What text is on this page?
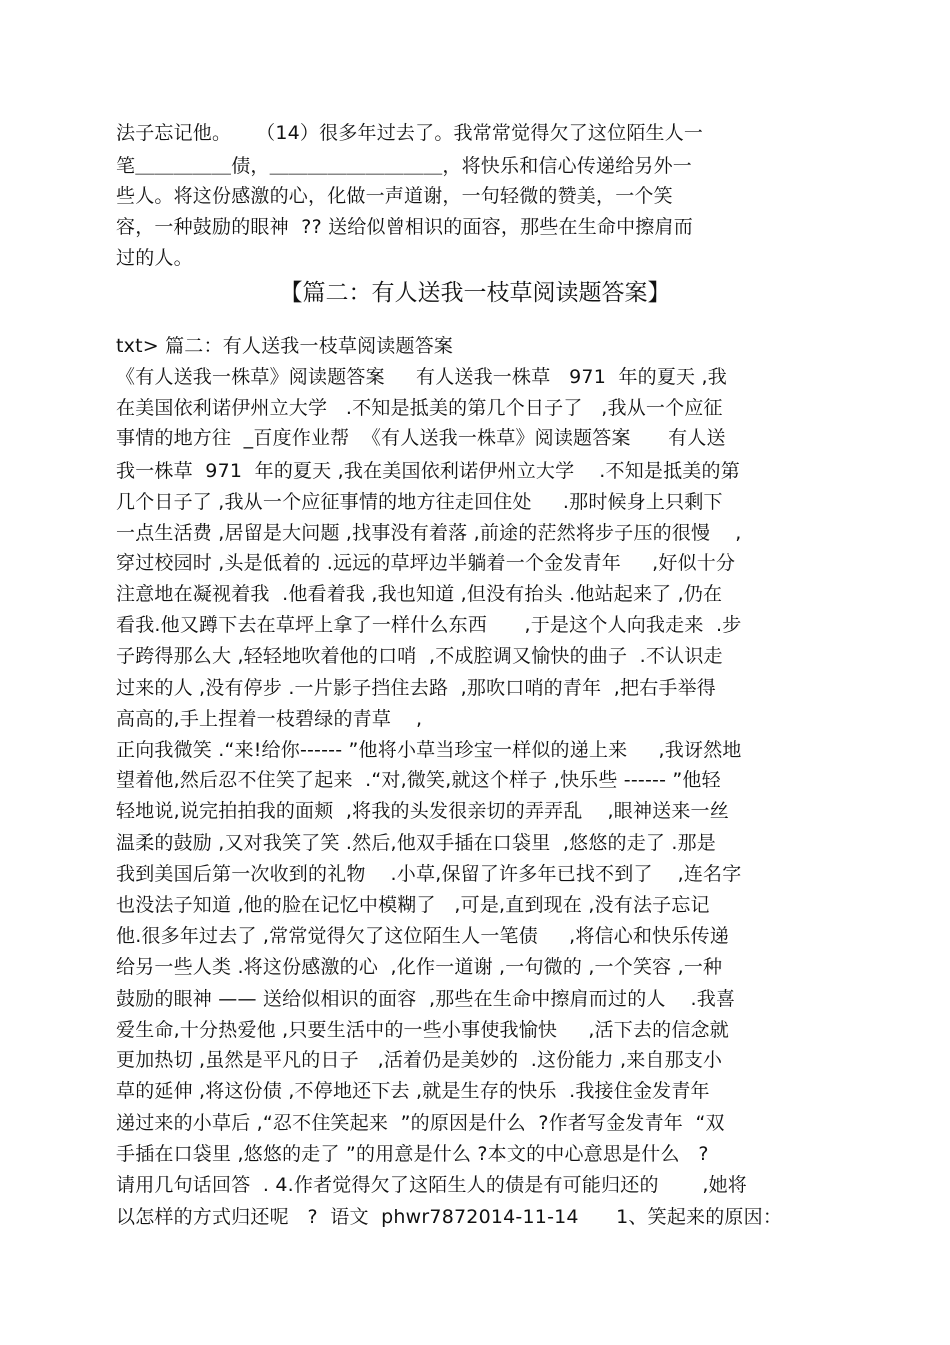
法子忘记他。    （14）很多年过去了。我常常觉得欠了这位陌生人一
笔＿＿＿＿＿债，＿＿＿＿＿＿＿＿＿，将快乐和信心传递给另外一
些人。将这份感激的心，化做一声道谢，一句轻微的赞美，一个笑
容，一种鼓励的眼神  ?? 送给似曾相识的面容，那些在生命中擦肩而
过的人。
【篇二：有人送我一枝草阅读题答案】
txt> 篇二：有人送我一枝草阅读题答案
《有人送我一株草》阅读题答案     有人送我一株草   971  年的夏天 ,我
在美国依利诺伊州立大学   .不知是抵美的第几个日子了   ,我从一个应征
事情的地方往  _百度作业帮  《有人送我一株草》阅读题答案      有人送
我一株草  971  年的夏天 ,我在美国依利诺伊州立大学    .不知是抵美的第
几个日子了 ,我从一个应征事情的地方往走回住处     .那时候身上只剩下
一点生活费 ,居留是大问题 ,找事没有着落 ,前途的茫然将步子压的很慢    ,
穿过校园时 ,头是低着的 .远远的草坪边半躺着一个金发青年     ,好似十分
注意地在凝视着我  .他看着我 ,我也知道 ,但没有抬头 .他站起来了 ,仍在
看我.他又蹲下去在草坪上拿了一样什么东西      ,于是这个人向我走来  .步
子跨得那么大 ,轻轻地吹着他的口哨  ,不成腔调又愉快的曲子  .不认识走
过来的人 ,没有停步 .一片影子挡住去路  ,那吹口哨的青年  ,把右手举得
高高的,手上捏着一枝碧绿的青草    ,
正向我微笑 .“来!给你------ ”他将小草当珍宝一样似的递上来     ,我讶然地
望着他,然后忍不住笑了起来  .“对,微笑,就这个样子 ,快乐些 ------ ”他轻
轻地说,说完拍拍我的面颊  ,将我的头发很亲切的弄弄乱    ,眼神送来一丝
温柔的鼓励 ,又对我笑了笑 .然后,他双手插在口袋里  ,悠悠的走了 .那是
我到美国后第一次收到的礼物    .小草,保留了许多年已找不到了    ,连名字
也没法子知道 ,他的脸在记忆中模糊了   ,可是,直到现在 ,没有法子忘记
他.很多年过去了 ,常常觉得欠了这位陌生人一笔债     ,将信心和快乐传递
给另一些人类 .将这份感激的心  ,化作一道谢 ,一句微的 ,一个笑容 ,一种
鼓励的眼神 —— 送给似相识的面容  ,那些在生命中擦肩而过的人    .我喜
爱生命,十分热爱他 ,只要生活中的一些小事使我愉快     ,活下去的信念就
更加热切 ,虽然是平凡的日子   ,活着仍是美妙的  .这份能力 ,来自那支小
草的延伸 ,将这份债 ,不停地还下去 ,就是生存的快乐  .我接住金发青年
递过来的小草后 ,“忍不住笑起来  ”的原因是什么  ?作者写金发青年  “双
手插在口袋里 ,悠悠的走了 ”的用意是什么 ?本文的中心意思是什么   ?
请用几句话回答  . 4.作者觉得欠了这陌生人的债是有可能归还的       ,她将
以怎样的方式归还呢   ?  语文  phwr7872014-11-14      1、笑起来的原因：
